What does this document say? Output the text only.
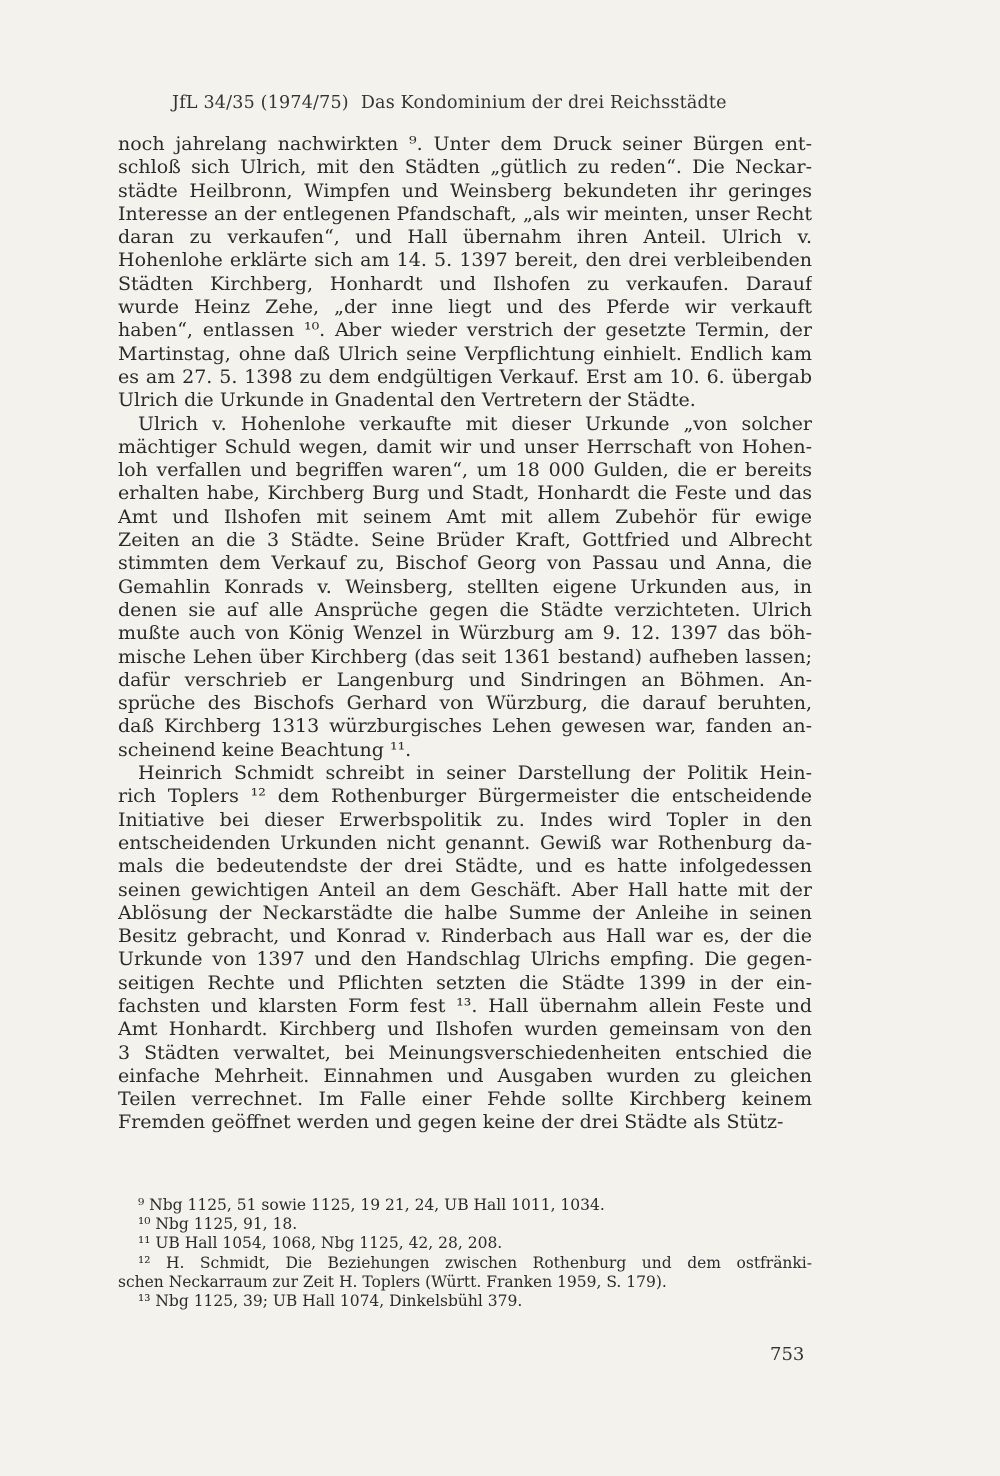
JfL 34/35 (1974/75) Das Kondominium der drei Reichsstädte
noch jahrelang nachwirkten ⁹. Unter dem Druck seiner Bürgen ent-
schloß sich Ulrich, mit den Städten „gütlich zu reden“. Die Neckar-
städte Heilbronn, Wimpfen und Weinsberg bekundeten ihr geringes
Interesse an der entlegenen Pfandschaft, „als wir meinten, unser Recht
daran zu verkaufen“, und Hall übernahm ihren Anteil. Ulrich v.
Hohenlohe erklärte sich am 14. 5. 1397 bereit, den drei verbleibenden
Städten Kirchberg, Honhardt und Ilshofen zu verkaufen. Darauf
wurde Heinz Zehe, „der inne liegt und des Pferde wir verkauft
haben“, entlassen ¹⁰. Aber wieder verstrich der gesetzte Termin, der
Martinstag, ohne daß Ulrich seine Verpflichtung einhielt. Endlich kam
es am 27. 5. 1398 zu dem endgültigen Verkauf. Erst am 10. 6. übergab
Ulrich die Urkunde in Gnadental den Vertretern der Städte.
Ulrich v. Hohenlohe verkaufte mit dieser Urkunde „von solcher
mächtiger Schuld wegen, damit wir und unser Herrschaft von Hohen-
loh verfallen und begriffen waren“, um 18 000 Gulden, die er bereits
erhalten habe, Kirchberg Burg und Stadt, Honhardt die Feste und das
Amt und Ilshofen mit seinem Amt mit allem Zubehör für ewige
Zeiten an die 3 Städte. Seine Brüder Kraft, Gottfried und Albrecht
stimmten dem Verkauf zu, Bischof Georg von Passau und Anna, die
Gemahlin Konrads v. Weinsberg, stellten eigene Urkunden aus, in
denen sie auf alle Ansprüche gegen die Städte verzichteten. Ulrich
mußte auch von König Wenzel in Würzburg am 9. 12. 1397 das böh-
mische Lehen über Kirchberg (das seit 1361 bestand) aufheben lassen;
dafür verschrieb er Langenburg und Sindringen an Böhmen. An-
sprüche des Bischofs Gerhard von Würzburg, die darauf beruhten,
daß Kirchberg 1313 würzburgisches Lehen gewesen war, fanden an-
scheinend keine Beachtung ¹¹.
Heinrich Schmidt schreibt in seiner Darstellung der Politik Hein-
rich Toplers ¹² dem Rothenburger Bürgermeister die entscheidende
Initiative bei dieser Erwerbspolitik zu. Indes wird Topler in den
entscheidenden Urkunden nicht genannt. Gewiß war Rothenburg da-
mals die bedeutendste der drei Städte, und es hatte infolgedessen
seinen gewichtigen Anteil an dem Geschäft. Aber Hall hatte mit der
Ablösung der Neckarstädte die halbe Summe der Anleihe in seinen
Besitz gebracht, und Konrad v. Rinderbach aus Hall war es, der die
Urkunde von 1397 und den Handschlag Ulrichs empfing. Die gegen-
seitigen Rechte und Pflichten setzten die Städte 1399 in der ein-
fachsten und klarsten Form fest ¹³. Hall übernahm allein Feste und
Amt Honhardt. Kirchberg und Ilshofen wurden gemeinsam von den
3 Städten verwaltet, bei Meinungsverschiedenheiten entschied die
einfache Mehrheit. Einnahmen und Ausgaben wurden zu gleichen
Teilen verrechnet. Im Falle einer Fehde sollte Kirchberg keinem
Fremden geöffnet werden und gegen keine der drei Städte als Stütz-
⁹ Nbg 1125, 51 sowie 1125, 19 21, 24, UB Hall 1011, 1034.
¹⁰ Nbg 1125, 91, 18.
¹¹ UB Hall 1054, 1068, Nbg 1125, 42, 28, 208.
¹² H. Schmidt, Die Beziehungen zwischen Rothenburg und dem ostfränki-
schen Neckarraum zur Zeit H. Toplers (Württ. Franken 1959, S. 179).
¹³ Nbg 1125, 39; UB Hall 1074, Dinkelsbühl 379.
753
